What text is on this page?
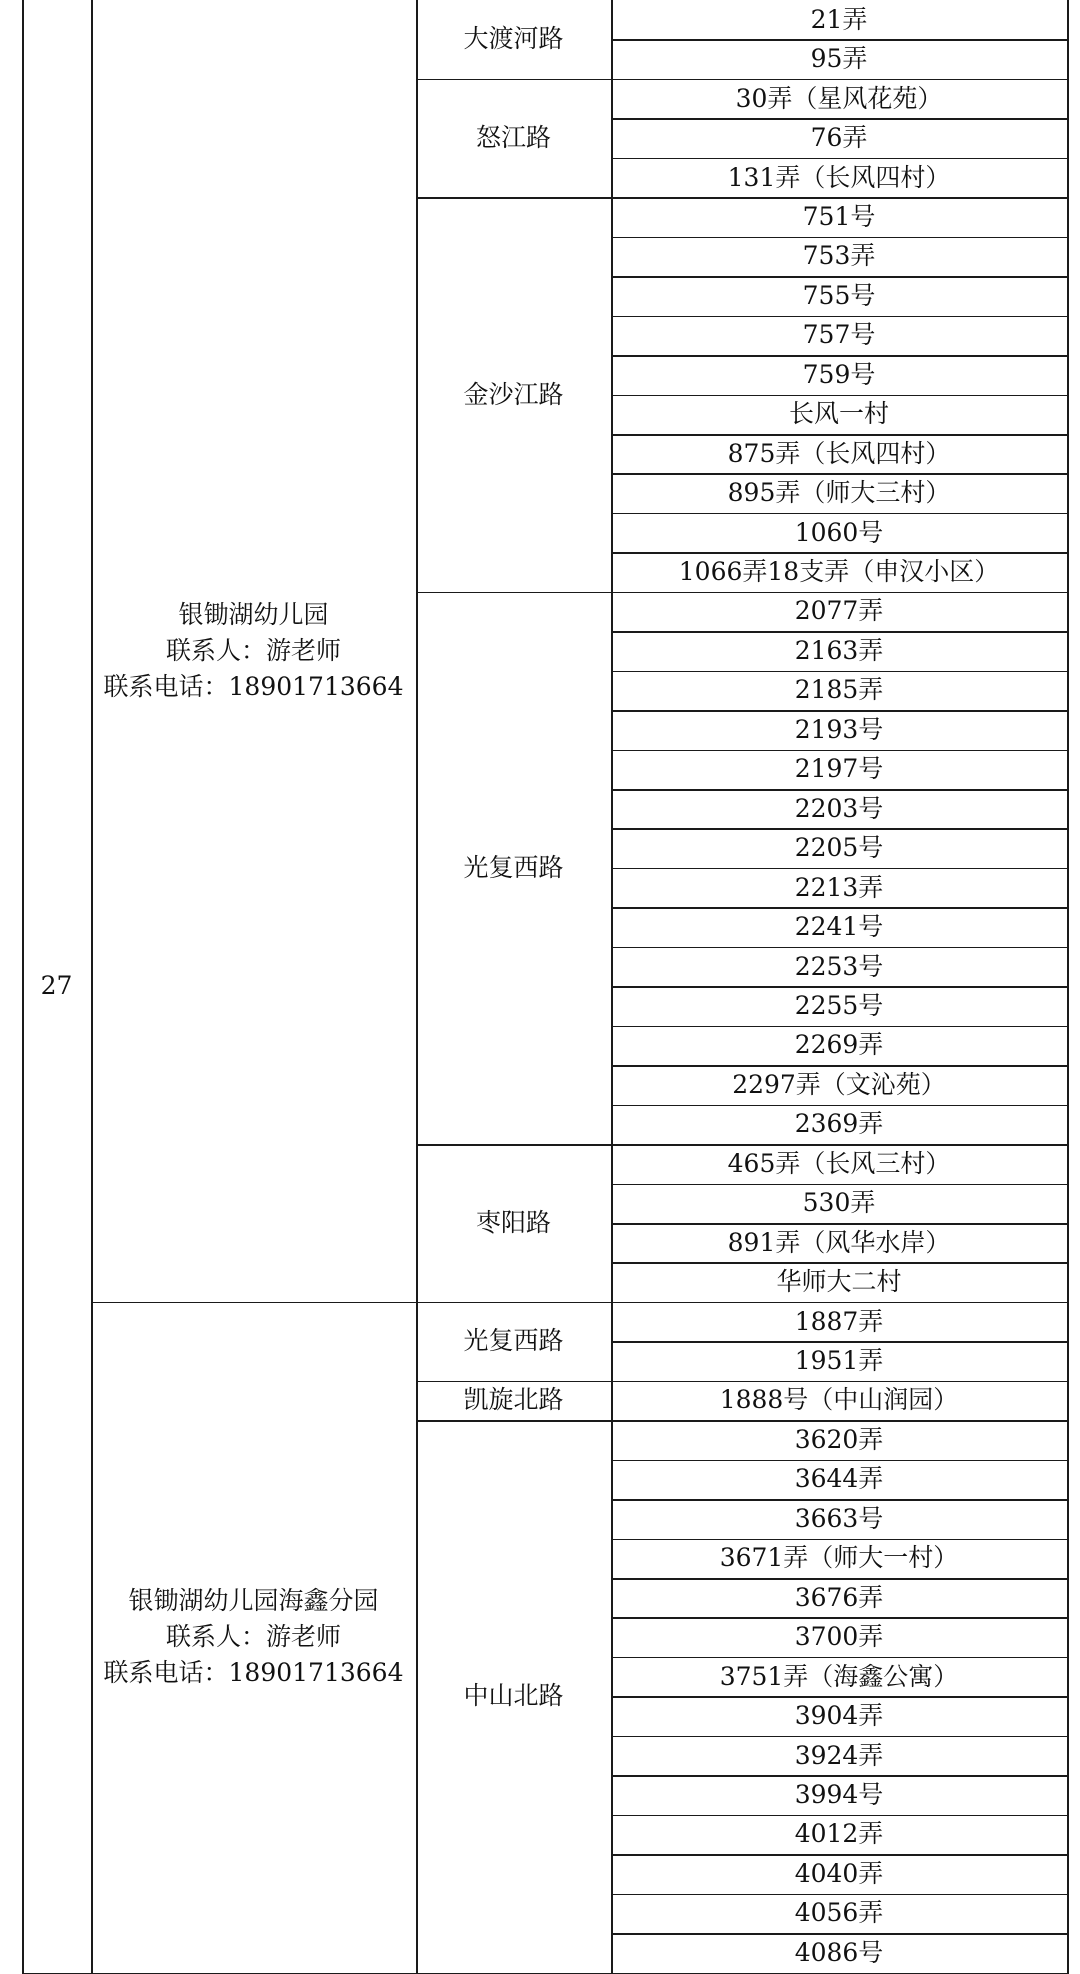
27
银锄湖幼儿园
联系人：游老师
联系电话：18901713664
大渡河路
21弄
95弄
怒江路
30弄（星风花苑）
76弄
131弄（长风四村）
金沙江路
751号
753弄
755号
757号
759号
长风一村
875弄（长风四村）
895弄（师大三村）
1060号
1066弄18支弄（申汉小区）
光复西路
2077弄
2163弄
2185弄
2193号
2197号
2203号
2205号
2213弄
2241号
2253号
2255号
2269弄
2297弄（文沁苑）
2369弄
枣阳路
465弄（长风三村）
530弄
891弄（风华水岸）
华师大二村
银锄湖幼儿园海鑫分园
联系人：游老师
联系电话：18901713664
光复西路
1887弄
1951弄
凯旋北路	1888号（中山润园）
中山北路
3620弄
3644弄
3663号
3671弄（师大一村）
3676弄
3700弄
3751弄（海鑫公寓）
3904弄
3924弄
3994号
4012弄
4040弄
4056弄
4086号
